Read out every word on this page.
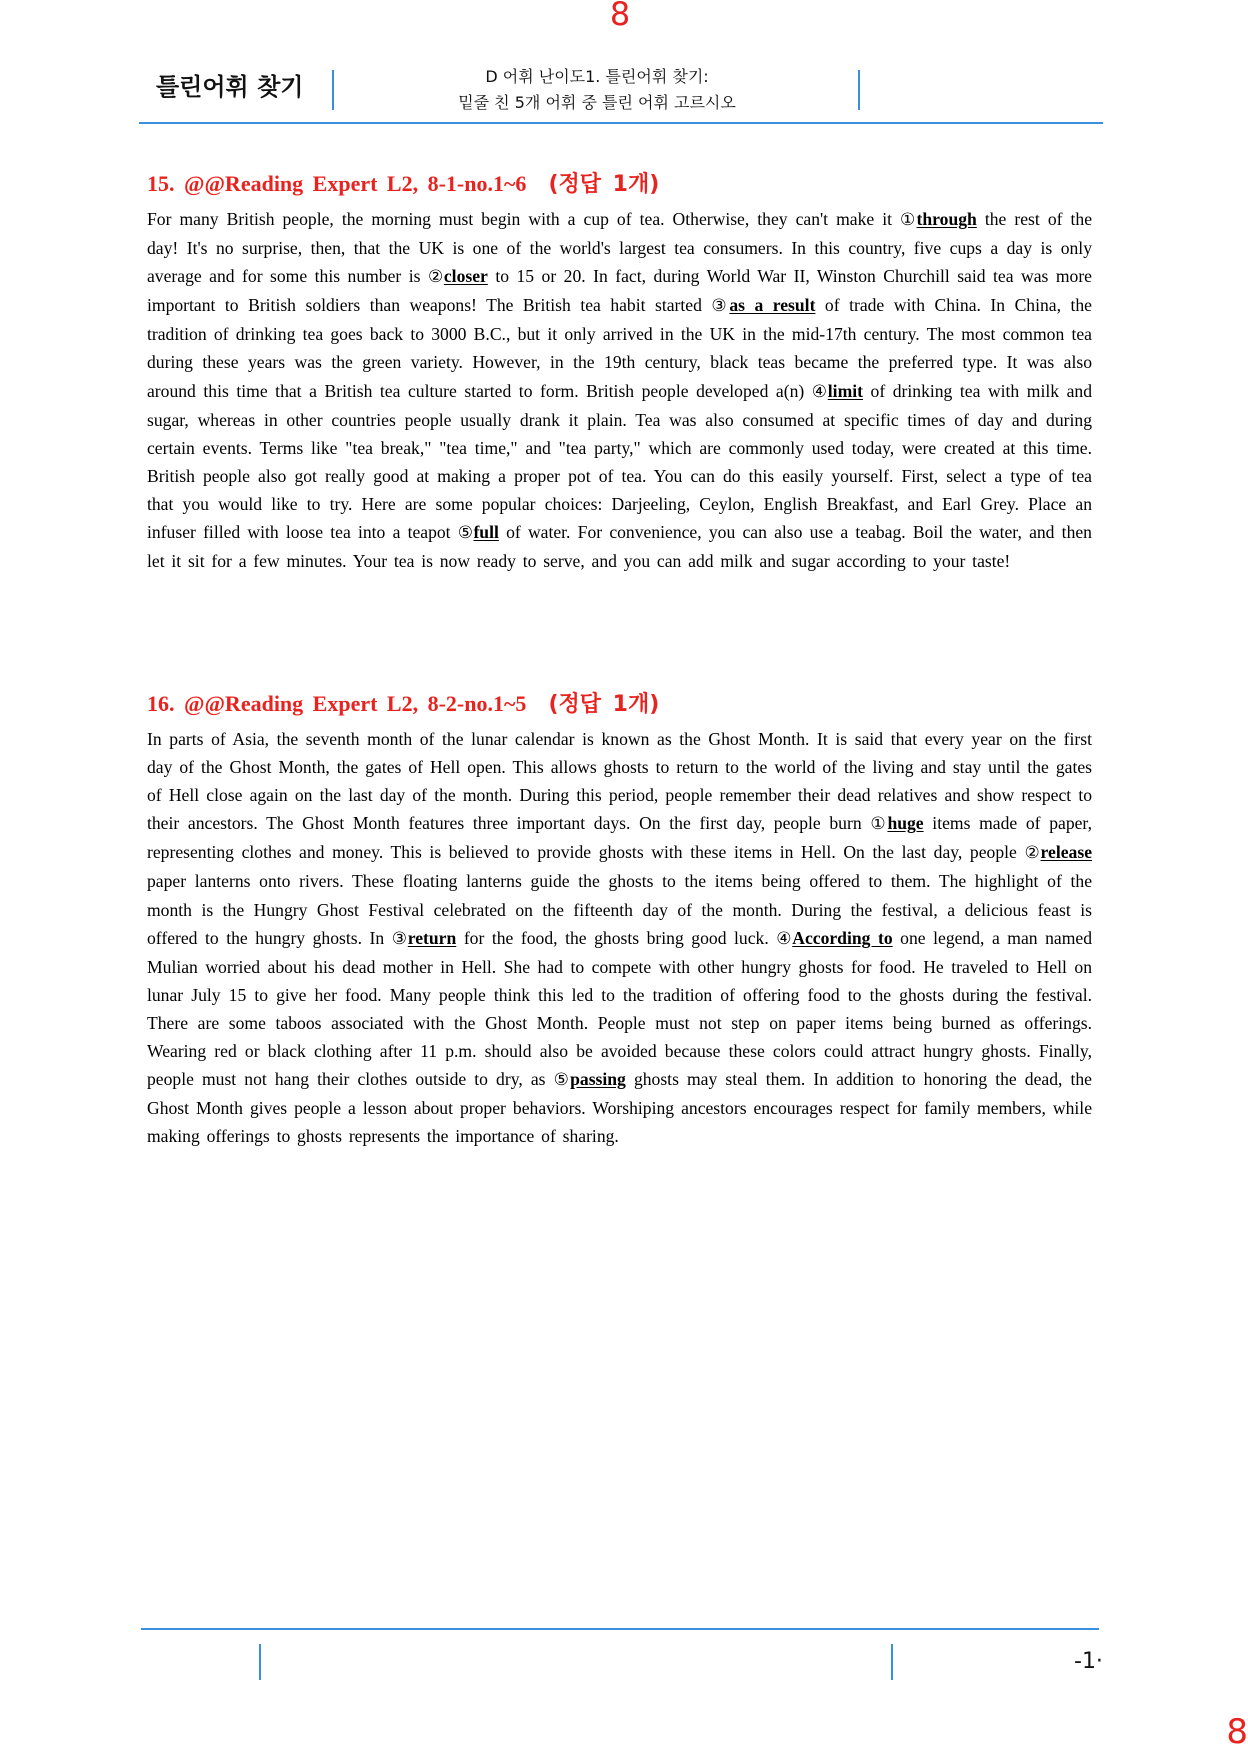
8
틀린어휘 찾기	D 어휘 난이도1. 틀린어휘 찾기:
밑줄 친 5개 어휘 중 틀린 어휘 고르시오
15. @@Reading Expert L2, 8-1-no.1~6 (정답 1개)

For many British people, the morning must begin with a cup of tea. Otherwise, they can't make it ①through the rest of the day! It's no surprise, then, that the UK is one of the world's largest tea consumers. In this country, five cups a day is only average and for some this number is ②closer to 15 or 20. In fact, during World War II, Winston Churchill said tea was more important to British soldiers than weapons! The British tea habit started ③as a result of trade with China. In China, the tradition of drinking tea goes back to 3000 B.C., but it only arrived in the UK in the mid-17th century. The most common tea during these years was the green variety. However, in the 19th century, black teas became the preferred type. It was also around this time that a British tea culture started to form. British people developed a(n) ④limit of drinking tea with milk and sugar, whereas in other countries people usually drank it plain. Tea was also consumed at specific times of day and during certain events. Terms like "tea break," "tea time," and "tea party," which are commonly used today, were created at this time. British people also got really good at making a proper pot of tea. You can do this easily yourself. First, select a type of tea that you would like to try. Here are some popular choices: Darjeeling, Ceylon, English Breakfast, and Earl Grey. Place an infuser filled with loose tea into a teapot ⑤full of water. For convenience, you can also use a teabag. Boil the water, and then let it sit for a few minutes. Your tea is now ready to serve, and you can add milk and sugar according to your taste!

16. @@Reading Expert L2, 8-2-no.1~5 (정답 1개)

In parts of Asia, the seventh month of the lunar calendar is known as the Ghost Month. It is said that every year on the first day of the Ghost Month, the gates of Hell open. This allows ghosts to return to the world of the living and stay until the gates of Hell close again on the last day of the month. During this period, people remember their dead relatives and show respect to their ancestors. The Ghost Month features three important days. On the first day, people burn ①huge items made of paper, representing clothes and money. This is believed to provide ghosts with these items in Hell. On the last day, people ②release paper lanterns onto rivers. These floating lanterns guide the ghosts to the items being offered to them. The highlight of the month is the Hungry Ghost Festival celebrated on the fifteenth day of the month. During the festival, a delicious feast is offered to the hungry ghosts. In ③return for the food, the ghosts bring good luck. ④According to one legend, a man named Mulian worried about his dead mother in Hell. She had to compete with other hungry ghosts for food. He traveled to Hell on lunar July 15 to give her food. Many people think this led to the tradition of offering food to the ghosts during the festival. There are some taboos associated with the Ghost Month. People must not step on paper items being burned as offerings. Wearing red or black clothing after 11 p.m. should also be avoided because these colors could attract hungry ghosts. Finally, people must not hang their clothes outside to dry, as ⑤passing ghosts may steal them. In addition to honoring the dead, the Ghost Month gives people a lesson about proper behaviors. Worshiping ancestors encourages respect for family members, while making offerings to ghosts represents the importance of sharing.

-1·
8
